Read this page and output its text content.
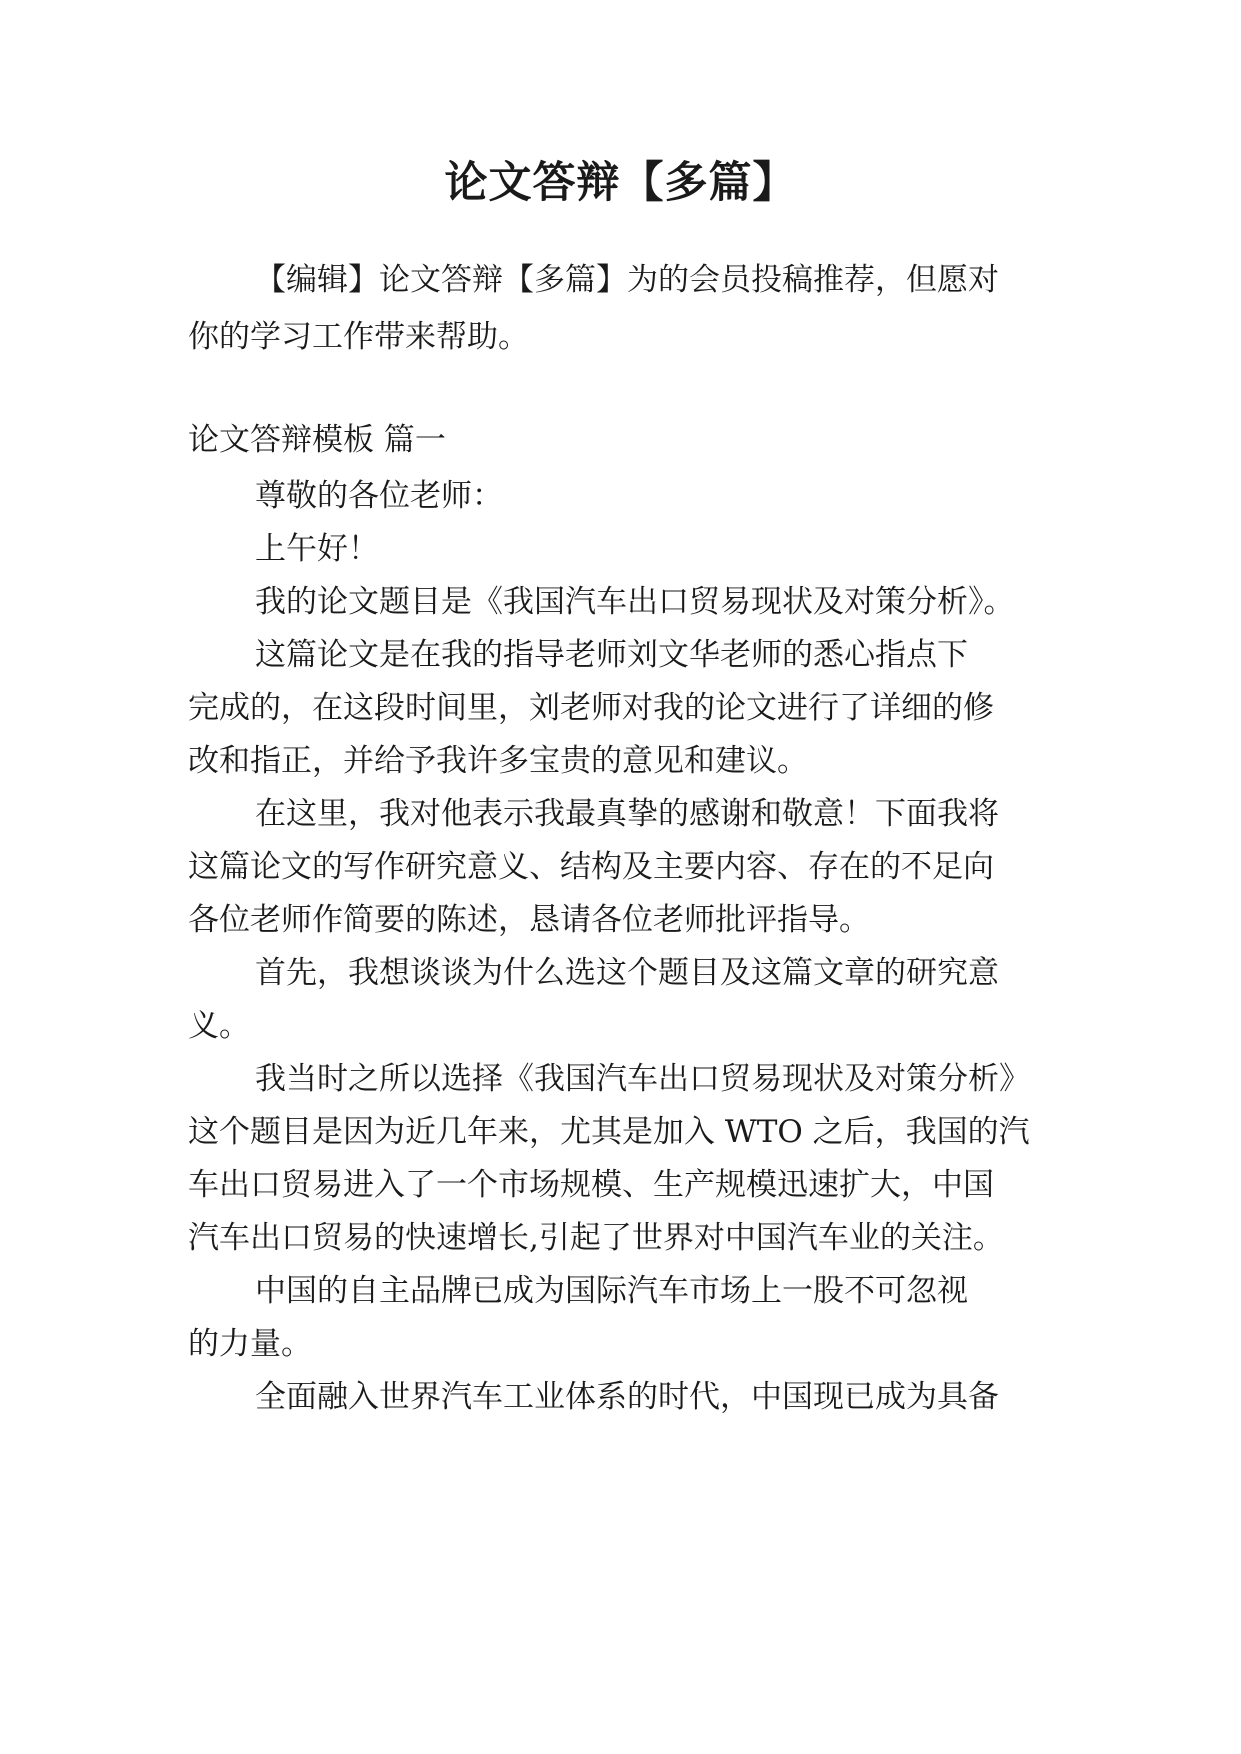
论文答辩【多篇】
【编辑】论文答辩【多篇】为的会员投稿推荐，但愿对
你的学习工作带来帮助。
论文答辩模板 篇一
尊敬的各位老师：
上午好！
我的论文题目是《我国汽车出口贸易现状及对策分析》。
这篇论文是在我的指导老师刘文华老师的悉心指点下
完成的，在这段时间里，刘老师对我的论文进行了详细的修
改和指正，并给予我许多宝贵的意见和建议。
在这里，我对他表示我最真挚的感谢和敬意！下面我将
这篇论文的写作研究意义、结构及主要内容、存在的不足向
各位老师作简要的陈述，恳请各位老师批评指导。
首先，我想谈谈为什么选这个题目及这篇文章的研究意
义。
我当时之所以选择《我国汽车出口贸易现状及对策分析》
这个题目是因为近几年来，尤其是加入 WTO 之后，我国的汽
车出口贸易进入了一个市场规模、生产规模迅速扩大，中国
汽车出口贸易的快速增长,引起了世界对中国汽车业的关注。
中国的自主品牌已成为国际汽车市场上一股不可忽视
的力量。
全面融入世界汽车工业体系的时代，中国现已成为具备
